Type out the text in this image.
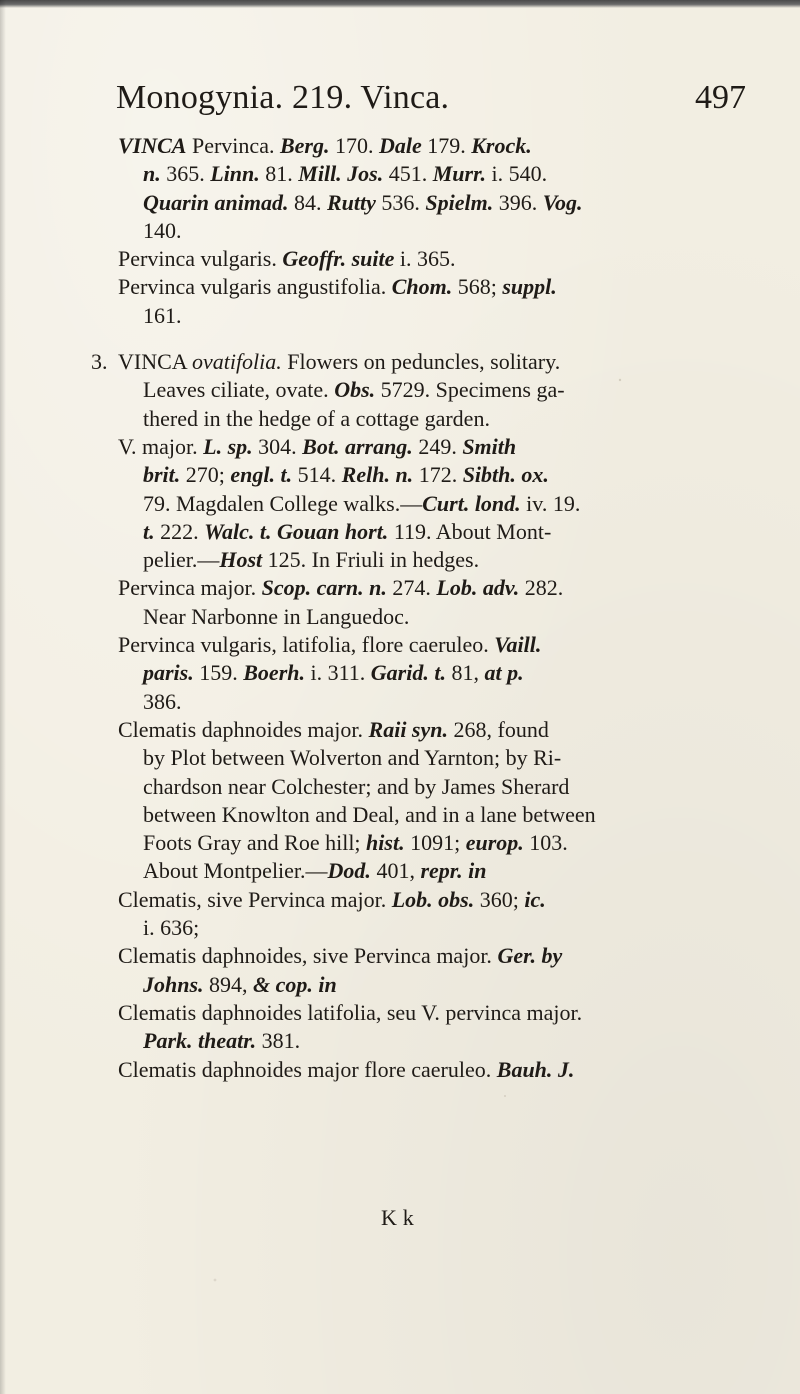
Monogynia. 219. Vinca.	497
VINCA Pervinca. Berg. 170. Dale 179. Krock.
n. 365. Linn. 81. Mill. Jos. 451. Murr. i. 540.
Quarin animad. 84. Rutty 536. Spielm. 396. Vog.
140.
Pervinca vulgaris. Geoffr. suite i. 365.
Pervinca vulgaris angustifolia. Chom. 568; suppl.
161.
3. VINCA ovatifolia. Flowers on peduncles, solitary.
Leaves ciliate, ovate. Obs. 5729. Specimens ga-
thered in the hedge of a cottage garden.
V. major. L. sp. 304. Bot. arrang. 249. Smith
brit. 270; engl. t. 514. Relh. n. 172. Sibth. ox.
79. Magdalen College walks.—Curt. lond. iv. 19.
t. 222. Walc. t. Gouan hort. 119. About Mont-
pelier.—Host 125. In Friuli in hedges.
Pervinca major. Scop. carn. n. 274. Lob. adv. 282.
Near Narbonne in Languedoc.
Pervinca vulgaris, latifolia, flore caeruleo. Vaill.
paris. 159. Boerh. i. 311. Garid. t. 81, at p.
386.
Clematis daphnoides major. Raii syn. 268, found
by Plot between Wolverton and Yarnton; by Ri-
chardson near Colchester; and by James Sherard
between Knowlton and Deal, and in a lane between
Foots Gray and Roe hill; hist. 1091; europ. 103.
About Montpelier.—Dod. 401, repr. in
Clematis, sive Pervinca major. Lob. obs. 360; ic.
i. 636;
Clematis daphnoides, sive Pervinca major. Ger. by
Johns. 894, & cop. in
Clematis daphnoides latifolia, seu V. pervinca major.
Park. theatr. 381.
Clematis daphnoides major flore caeruleo. Bauh. J.
K k
